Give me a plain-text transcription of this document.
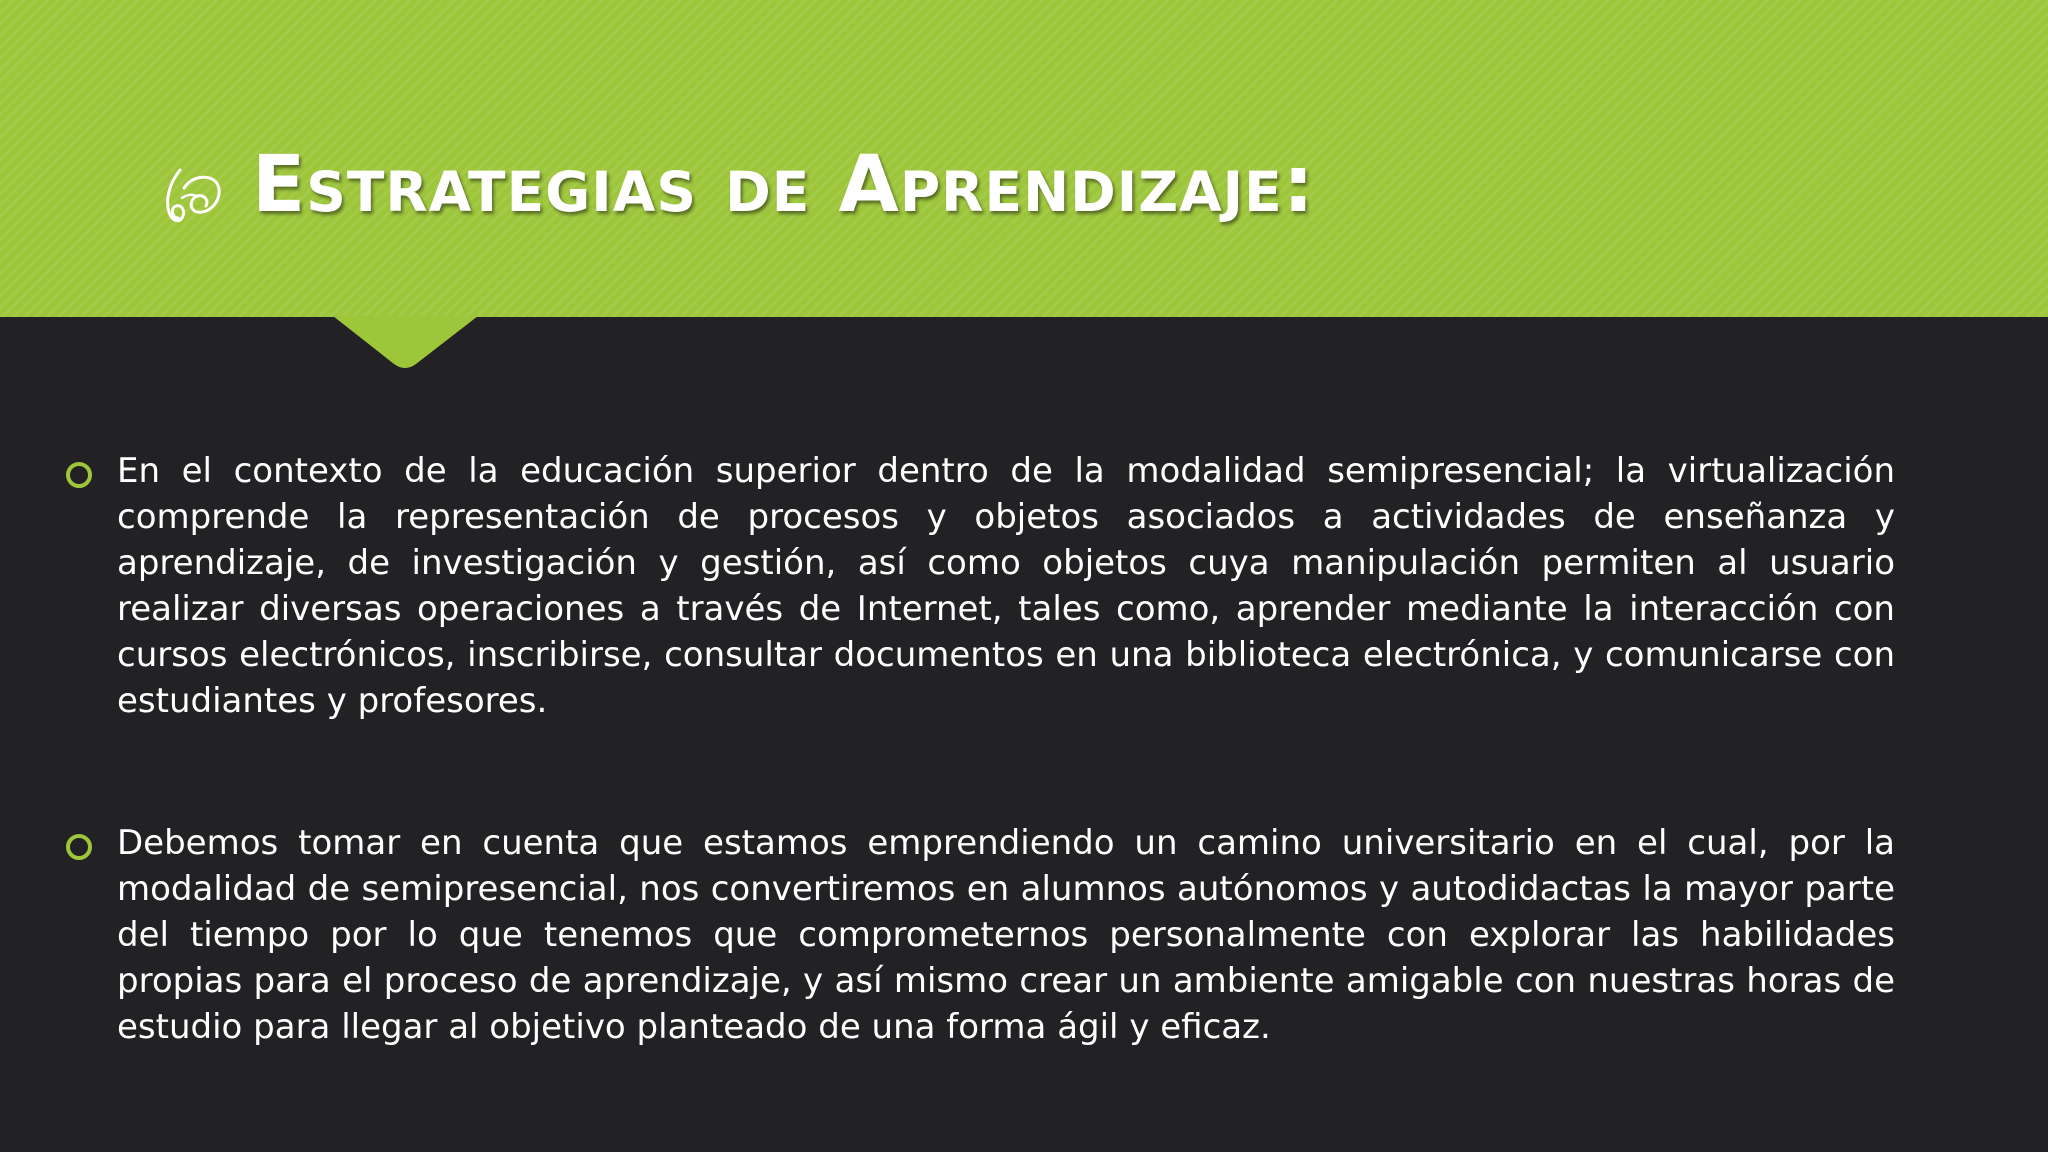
Estrategias de Aprendizaje:
En el contexto de la educación superior dentro de la modalidad semipresencial; la virtualización comprende la representación de procesos y objetos asociados a actividades de enseñanza y aprendizaje, de investigación y gestión, así como objetos cuya manipulación permiten al usuario realizar diversas operaciones a través de Internet, tales como, aprender mediante la interacción con cursos electrónicos, inscribirse, consultar documentos en una biblioteca electrónica, y comunicarse con estudiantes y profesores.
Debemos tomar en cuenta que estamos emprendiendo un camino universitario en el cual, por la modalidad de semipresencial, nos convertiremos en alumnos autónomos y autodidactas la mayor parte del tiempo por lo que tenemos que comprometernos personalmente con explorar las habilidades propias para el proceso de aprendizaje, y así mismo crear un ambiente amigable con nuestras horas de estudio para llegar al objetivo planteado de una forma ágil y eficaz.
